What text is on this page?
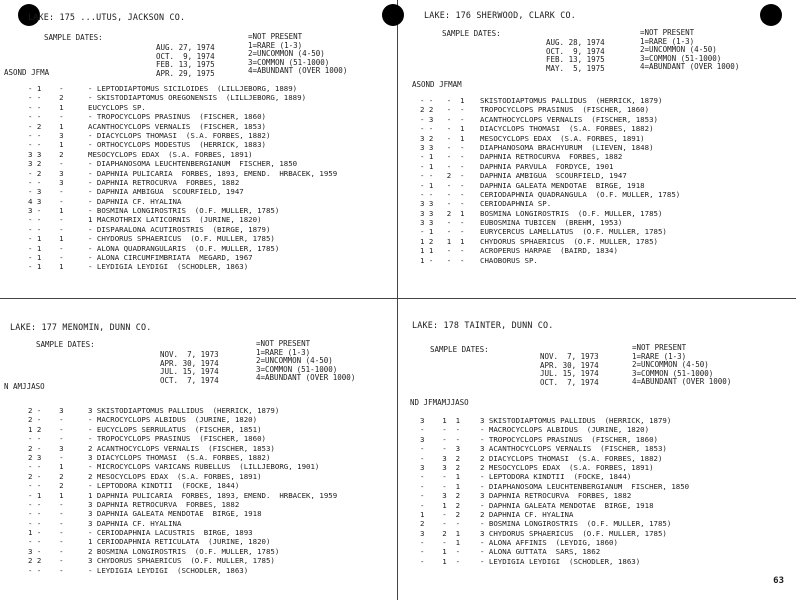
LAKE: 175 ...UTUS, JACKSON CO.
SAMPLE DATES:
AUG. 27, 1974
OCT.  9, 1974
FEB. 13, 1975
APR. 29, 1975
=NOT PRESENT
1=RARE (1-3)
2=UNCOMMON (4-50)
3=COMMON (51-1000)
4=ABUNDANT (OVER 1000)
ASOND JFMA
- 1    -	- LEPTODIAPTOMUS SICILOIDES  (LILLJEBORG, 1889)
- -    2	- SKISTODIAPTOMUS OREGONENSIS  (LILLJEBORG, 1889)
- -    1	EUCYCLOPS SP.
- -    -	- TROPOCYCLOPS PRASINUS  (FISCHER, 1860)
- 2    1	ACANTHOCYCLOPS VERNALIS  (FISCHER, 1853)
- -    3	- DIACYCLOPS THOMASI  (S.A. FORBES, 1882)
- -    1	- ORTHOCYCLOPS MODESTUS  (HERRICK, 1883)
3 3    2	MESOCYCLOPS EDAX  (S.A. FORBES, 1891)
3 2    -	- DIAPHANOSOMA LEUCHTENBERGIANUM  FISCHER, 1850
- 2    3	- DAPHNIA PULICARIA  FORBES, 1893, EMEND.  HRBACEK, 1959
- -    3	- DAPHNIA RETROCURVA  FORBES, 1882
- 3    -	- DAPHNIA AMBIGUA  SCOURFIELD, 1947
4 3    -	- DAPHNIA CF. HYALINA
3 -    1	- BOSMINA LONGIROSTRIS  (O.F. MULLER, 1785)
- -    -	1 MACROTHRIX LATICORNIS  (JURINE, 1820)
- -    -	- DISPARALONA ACUTIROSTRIS  (BIRGE, 1879)
- 1    1	- CHYDORUS SPHAERICUS  (O.F. MULLER, 1785)
- 1    -	- ALONA QUADRANGULARIS  (O.F. MULLER, 1785)
- 1    -	- ALONA CIRCUMFIMBRIATA  MEGARD, 1967
- 1    1	- LEYDIGIA LEYDIGI  (SCHODLER, 1863)
LAKE: 176 SHERWOOD, CLARK CO.
SAMPLE DATES:
AUG. 28, 1974
OCT.  9, 1974
FEB. 13, 1975
MAY.  5, 1975
=NOT PRESENT
1=RARE (1-3)
2=UNCOMMON (4-50)
3=COMMON (51-1000)
4=ABUNDANT (OVER 1000)
ASOND JFMAM
- -   -  1	SKISTODIAPTOMUS PALLIDUS  (HERRICK, 1879)
2 2   -  -	TROPOCYCLOPS PRASINUS  (FISCHER, 1860)
- 3   -  -	ACANTHOCYCLOPS VERNALIS  (FISCHER, 1853)
- -   -  1	DIACYCLOPS THOMASI  (S.A. FORBES, 1882)
3 2   -  1	MESOCYCLOPS EDAX  (S.A. FORBES, 1891)
3 3   -  -	DIAPHANOSOMA BRACHYURUM  (LIEVEN, 1848)
- 1   -  -	DAPHNIA RETROCURVA  FORBES, 1882
- 1   -  -	DAPHNIA PARVULA  FORDYCE, 1901
- -   2  -	DAPHNIA AMBIGUA  SCOURFIELD, 1947
- 1   -  -	DAPHNIA GALEATA MENDOTAE  BIRGE, 1918
- -   -  -	CERIODAPHNIA QUADRANGULA  (O.F. MULLER, 1785)
3 3   -  -	CERIODAPHNIA SP.
3 3   2  1	BOSMINA LONGIROSTRIS  (O.F. MULLER, 1785)
3 3   -  -	EUBOSMINA TUBICEN  (BREHM, 1953)
- 1   -  -	EURYCERCUS LAMELLATUS  (O.F. MULLER, 1785)
1 2   1  1	CHYDORUS SPHAERICUS  (O.F. MULLER, 1785)
1 1   -  -	ACROPERUS HARPAE  (BAIRD, 1834)
1 -   -  -	CHAOBORUS SP.
LAKE: 177 MENOMIN, DUNN CO.
SAMPLE DATES:
NOV.  7, 1973
APR. 30, 1974
JUL. 15, 1974
OCT.  7, 1974
=NOT PRESENT
1=RARE (1-3)
2=UNCOMMON (4-50)
3=COMMON (51-1000)
4=ABUNDANT (OVER 1000)
N AMJJASO
2 -    3	3 SKISTODIAPTOMUS PALLIDUS  (HERRICK, 1879)
2 -    -	- MACROCYCLOPS ALBIDUS  (JURINE, 1820)
1 2    -	- EUCYCLOPS SERRULATUS  (FISCHER, 1851)
- -    -	- TROPOCYCLOPS PRASINUS  (FISCHER, 1860)
2 -    3	2 ACANTHOCYCLOPS VERNALIS  (FISCHER, 1853)
2 3    -	3 DIACYCLOPS THOMASI  (S.A. FORBES, 1882)
- -    1	- MICROCYCLOPS VARICANS RUBELLUS  (LILLJEBORG, 1901)
2 -    2	2 MESOCYCLOPS EDAX  (S.A. FORBES, 1891)
- -    2	- LEPTODORA KINDTII  (FOCKE, 1844)
- 1    1	1 DAPHNIA PULICARIA  FORBES, 1893, EMEND.  HRBACEK, 1959
- -    -	3 DAPHNIA RETROCURVA  FORBES, 1882
- -    -	3 DAPHNIA GALEATA MENDOTAE  BIRGE, 1918
- -    -	3 DAPHNIA CF. HYALINA
1 -    -	- CERIODAPHNIA LACUSTRIS  BIRGE, 1893
- -    -	1 CERIODAPHNIA RETICULATA  (JURINE, 1820)
3 -    -	2 BOSMINA LONGIROSTRIS  (O.F. MULLER, 1785)
2 2    -	3 CHYDORUS SPHAERICUS  (O.F. MULLER, 1785)
- -    -	- LEYDIGIA LEYDIGI  (SCHODLER, 1863)
LAKE: 178 TAINTER, DUNN CO.
SAMPLE DATES:
NOV.  7, 1973
APR. 30, 1974
JUL. 15, 1974
OCT.  7, 1974
=NOT PRESENT
1=RARE (1-3)
2=UNCOMMON (4-50)
3=COMMON (51-1000)
4=ABUNDANT (OVER 1000)
ND JFMAMJJASO
3    1  1	3 SKISTODIAPTOMUS PALLIDUS  (HERRICK, 1879)
-    -  -	- MACROCYCLOPS ALBIDUS  (JURINE, 1820)
3    -  -	- TROPOCYCLOPS PRASINUS  (FISCHER, 1860)
-    -  3	3 ACANTHOCYCLOPS VERNALIS  (FISCHER, 1853)
-    3  2	2 DIACYCLOPS THOMASI  (S.A. FORBES, 1882)
3    3  2	2 MESOCYCLOPS EDAX  (S.A. FORBES, 1891)
-    -  1	- LEPTODORA KINDTII  (FOCKE, 1844)
-    -  1	- DIAPHANOSOMA LEUCHTENBERGIANUM  FISCHER, 1850
-    3  2	3 DAPHNIA RETROCURVA  FORBES, 1882
-    1  2	- DAPHNIA GALEATA MENDOTAE  BIRGE, 1918
1    -  2	2 DAPHNIA CF. HYALINA
2    -  -	- BOSMINA LONGIROSTRIS  (O.F. MULLER, 1785)
3    2  1	3 CHYDORUS SPHAERICUS  (O.F. MULLER, 1785)
-    -  1	- ALONA AFFINIS  (LEYDIG, 1860)
-    1  -	- ALONA GUTTATA  SARS, 1862
-    1  -	- LEYDIGIA LEYDIGI  (SCHODLER, 1863)
63
